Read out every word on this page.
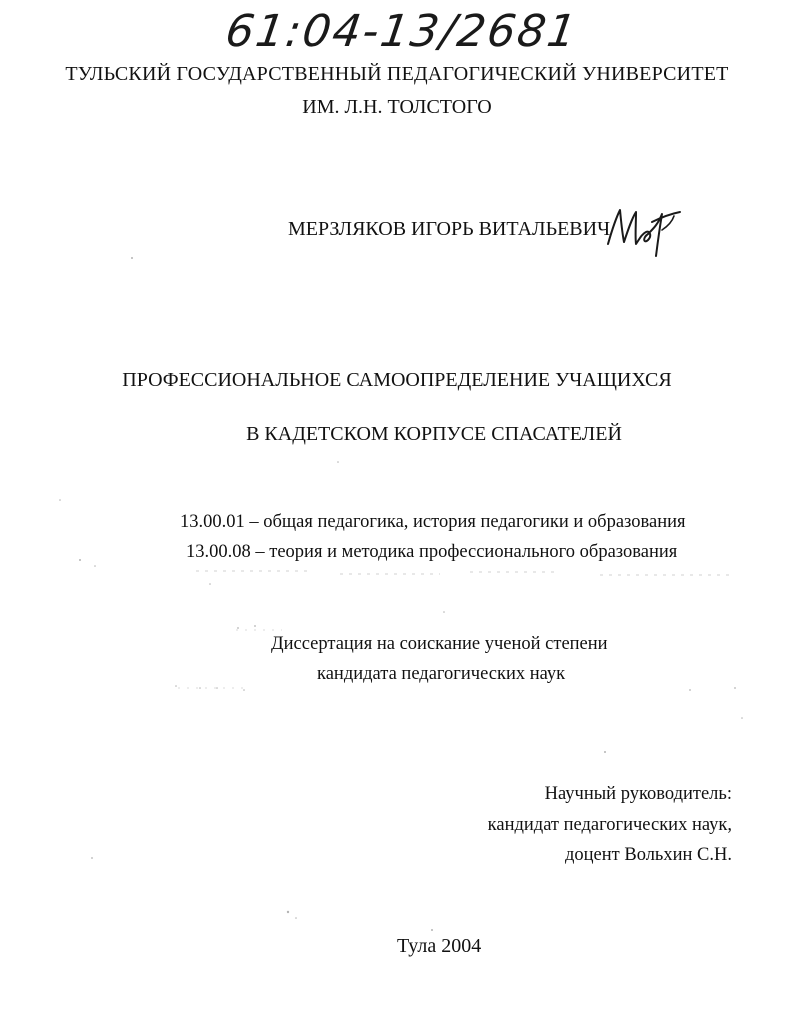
61:04-13/2681
ТУЛЬСКИЙ ГОСУДАРСТВЕННЫЙ ПЕДАГОГИЧЕСКИЙ УНИВЕРСИТЕТ
ИМ. Л.Н. ТОЛСТОГО
МЕРЗЛЯКОВ ИГОРЬ ВИТАЛЬЕВИЧ
ПРОФЕССИОНАЛЬНОЕ САМООПРЕДЕЛЕНИЕ УЧАЩИХСЯ
В КАДЕТСКОМ КОРПУСЕ СПАСАТЕЛЕЙ
13.00.01 – общая педагогика, история педагогики и образования
13.00.08 – теория и методика профессионального образования
Диссертация на соискание ученой степени
кандидата педагогических наук
Научный руководитель:
кандидат педагогических наук,
доцент Вольхин С.Н.
Тула 2004
